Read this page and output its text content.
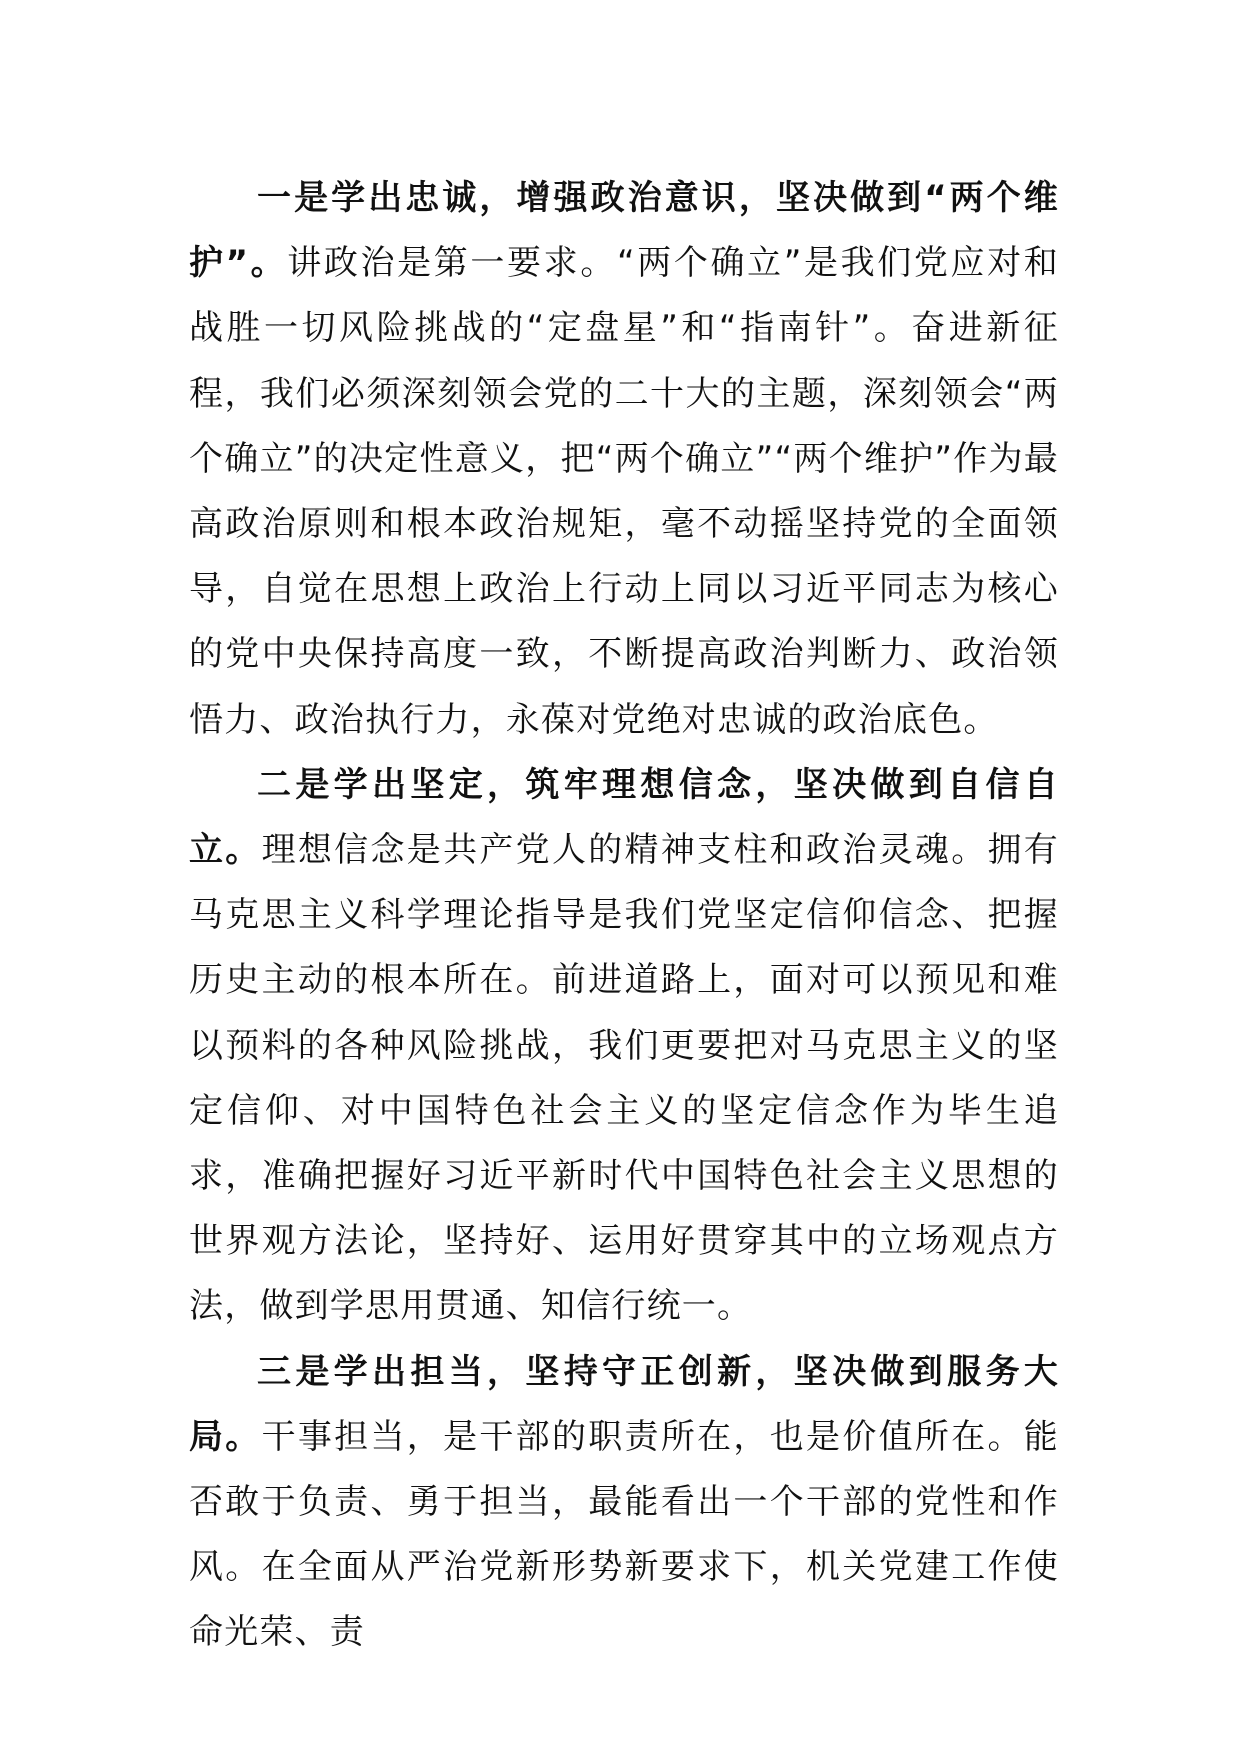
一是学出忠诚，增强政治意识，坚决做到“两个维护”。讲政治是第一要求。“两个确立”是我们党应对和战胜一切风险挑战的“定盘星”和“指南针”。奋进新征程，我们必须深刻领会党的二十大的主题，深刻领会“两个确立”的决定性意义，把“两个确立”“两个维护”作为最高政治原则和根本政治规矩，毫不动摇坚持党的全面领导，自觉在思想上政治上行动上同以习近平同志为核心的党中央保持高度一致，不断提高政治判断力、政治领悟力、政治执行力，永葆对党绝对忠诚的政治底色。

二是学出坚定，筑牢理想信念，坚决做到自信自立。理想信念是共产党人的精神支柱和政治灵魂。拥有马克思主义科学理论指导是我们党坚定信仰信念、把握历史主动的根本所在。前进道路上，面对可以预见和难以预料的各种风险挑战，我们更要把对马克思主义的坚定信仰、对中国特色社会主义的坚定信念作为毕生追求，准确把握好习近平新时代中国特色社会主义思想的世界观方法论，坚持好、运用好贯穿其中的立场观点方法，做到学思用贯通、知信行统一。

三是学出担当，坚持守正创新，坚决做到服务大局。干事担当，是干部的职责所在，也是价值所在。能否敢于负责、勇于担当，最能看出一个干部的党性和作风。在全面从严治党新形势新要求下，机关党建工作使命光荣、责
